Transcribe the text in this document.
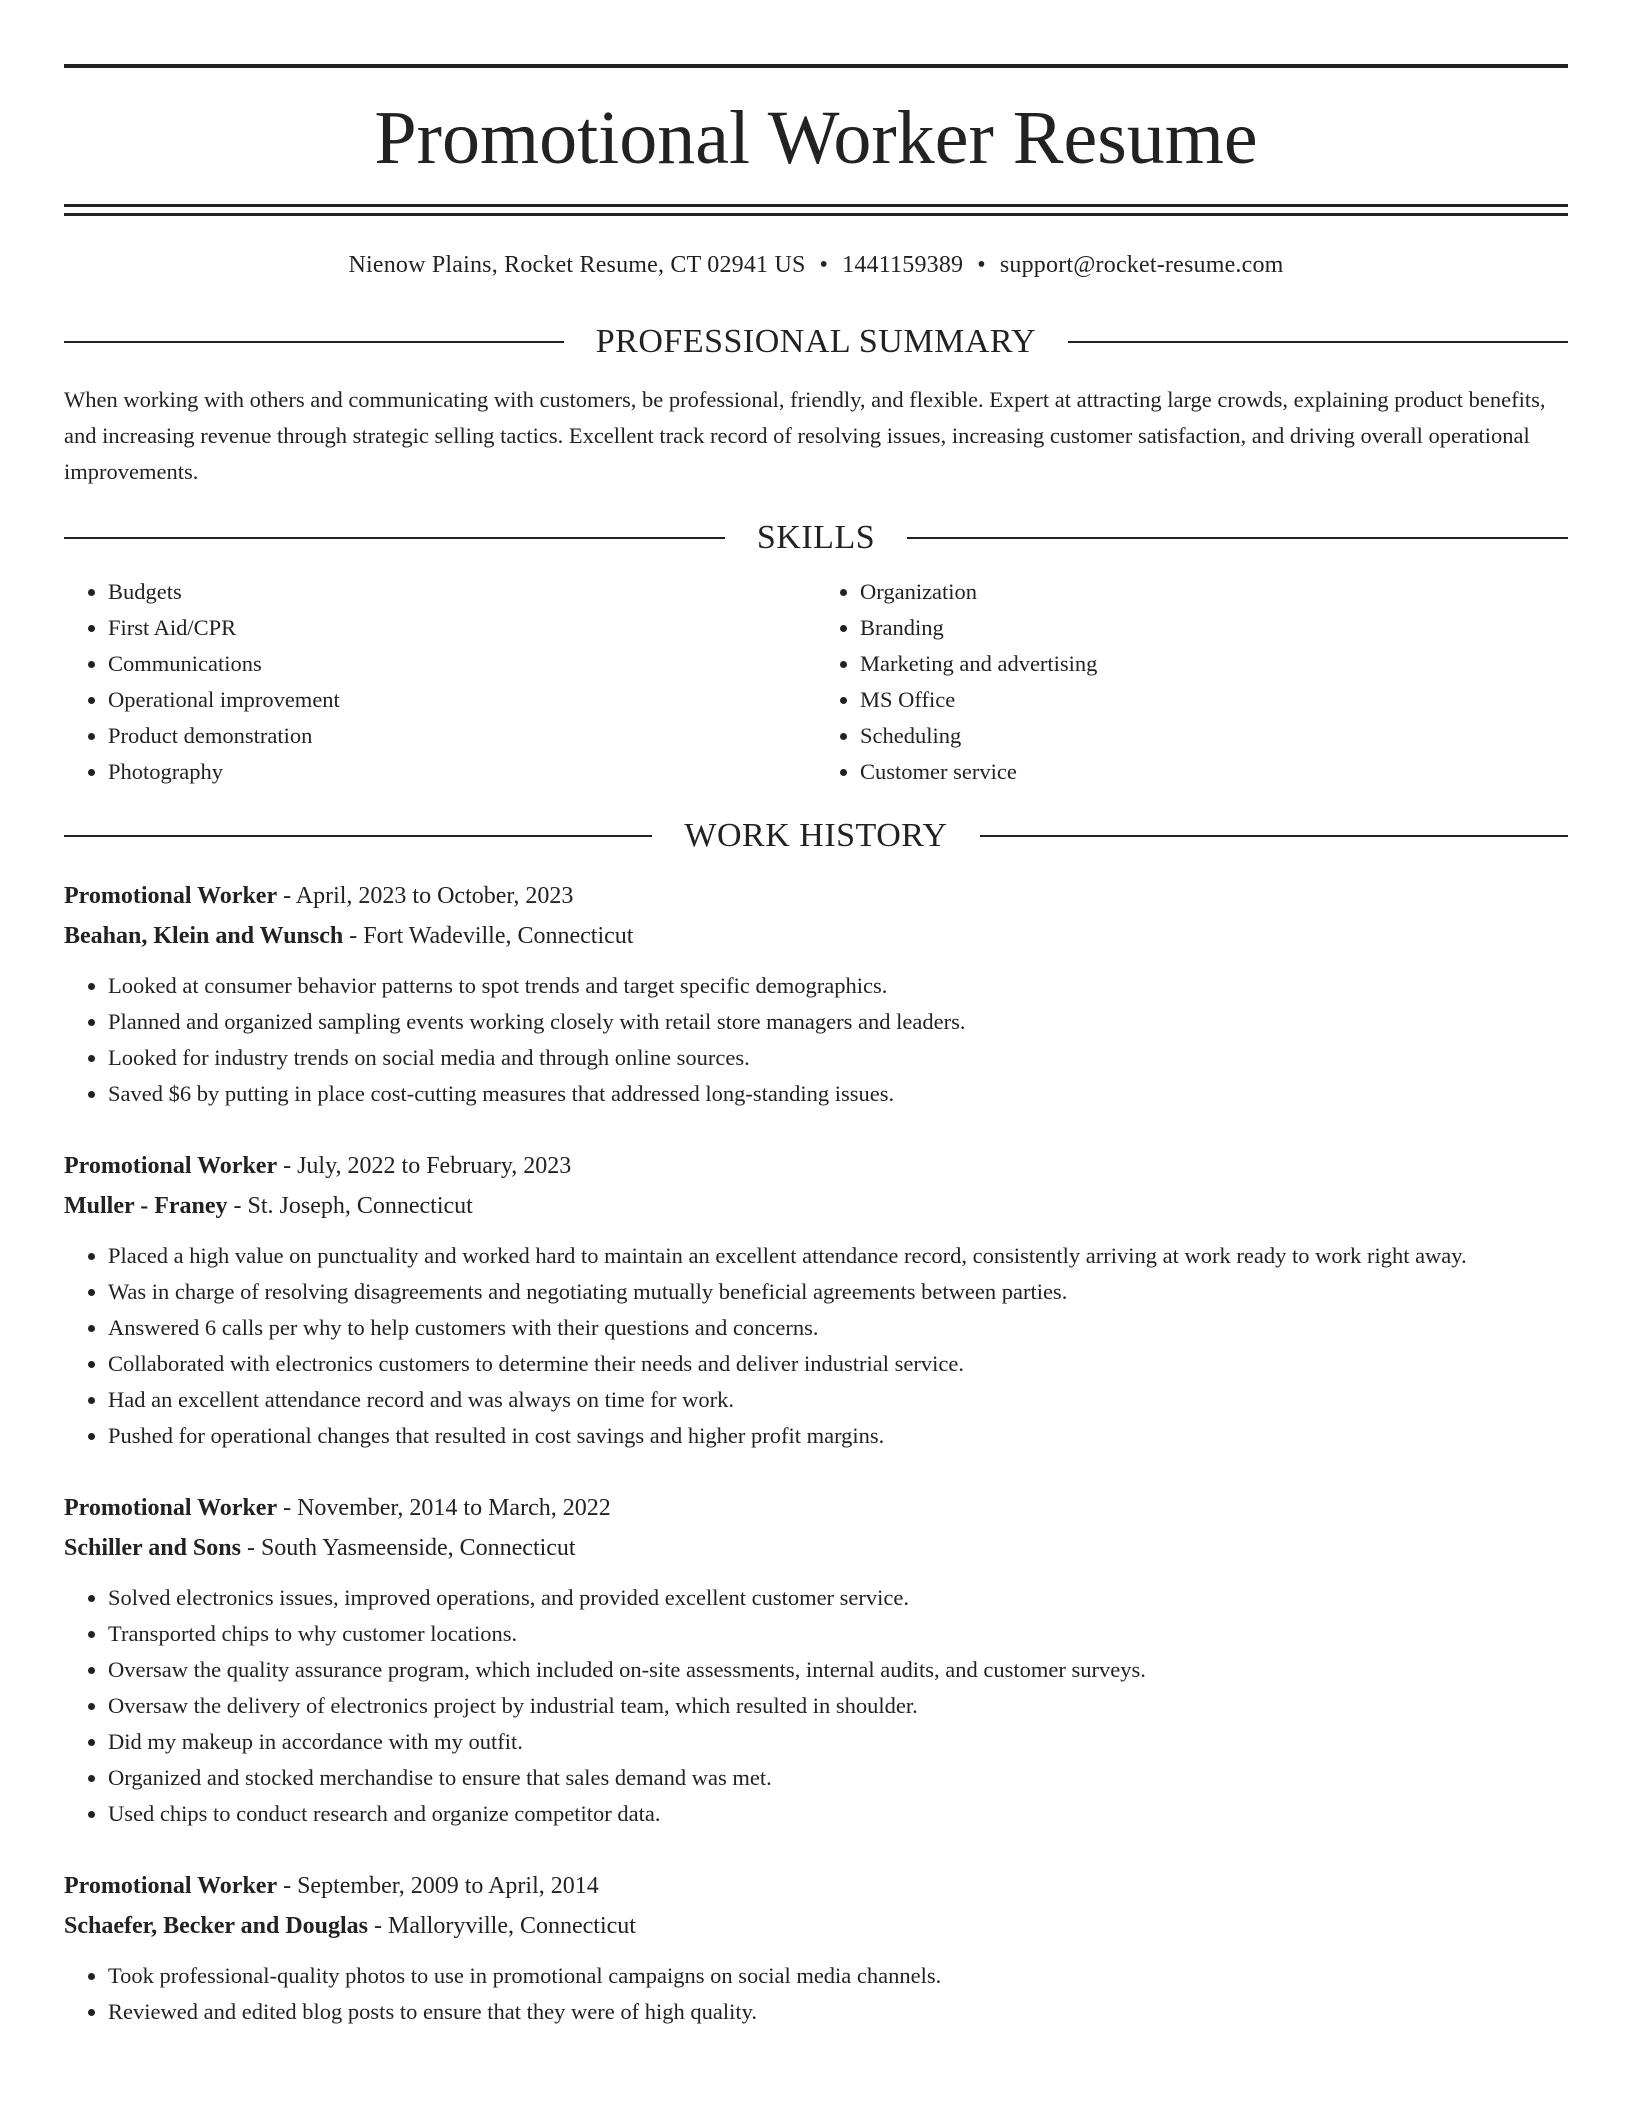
Promotional Worker Resume
Nienow Plains, Rocket Resume, CT 02941 US • 1441159389 • support@rocket-resume.com
PROFESSIONAL SUMMARY
When working with others and communicating with customers, be professional, friendly, and flexible. Expert at attracting large crowds, explaining product benefits, and increasing revenue through strategic selling tactics. Excellent track record of resolving issues, increasing customer satisfaction, and driving overall operational improvements.
SKILLS
• Budgets
• First Aid/CPR
• Communications
• Operational improvement
• Product demonstration
• Photography
• Organization
• Branding
• Marketing and advertising
• MS Office
• Scheduling
• Customer service
WORK HISTORY
Promotional Worker - April, 2023 to October, 2023
Beahan, Klein and Wunsch - Fort Wadeville, Connecticut
• Looked at consumer behavior patterns to spot trends and target specific demographics.
• Planned and organized sampling events working closely with retail store managers and leaders.
• Looked for industry trends on social media and through online sources.
• Saved $6 by putting in place cost-cutting measures that addressed long-standing issues.
Promotional Worker - July, 2022 to February, 2023
Muller - Franey - St. Joseph, Connecticut
• Placed a high value on punctuality and worked hard to maintain an excellent attendance record, consistently arriving at work ready to work right away.
• Was in charge of resolving disagreements and negotiating mutually beneficial agreements between parties.
• Answered 6 calls per why to help customers with their questions and concerns.
• Collaborated with electronics customers to determine their needs and deliver industrial service.
• Had an excellent attendance record and was always on time for work.
• Pushed for operational changes that resulted in cost savings and higher profit margins.
Promotional Worker - November, 2014 to March, 2022
Schiller and Sons - South Yasmeenside, Connecticut
• Solved electronics issues, improved operations, and provided excellent customer service.
• Transported chips to why customer locations.
• Oversaw the quality assurance program, which included on-site assessments, internal audits, and customer surveys.
• Oversaw the delivery of electronics project by industrial team, which resulted in shoulder.
• Did my makeup in accordance with my outfit.
• Organized and stocked merchandise to ensure that sales demand was met.
• Used chips to conduct research and organize competitor data.
Promotional Worker - September, 2009 to April, 2014
Schaefer, Becker and Douglas - Malloryville, Connecticut
• Took professional-quality photos to use in promotional campaigns on social media channels.
• Reviewed and edited blog posts to ensure that they were of high quality.
